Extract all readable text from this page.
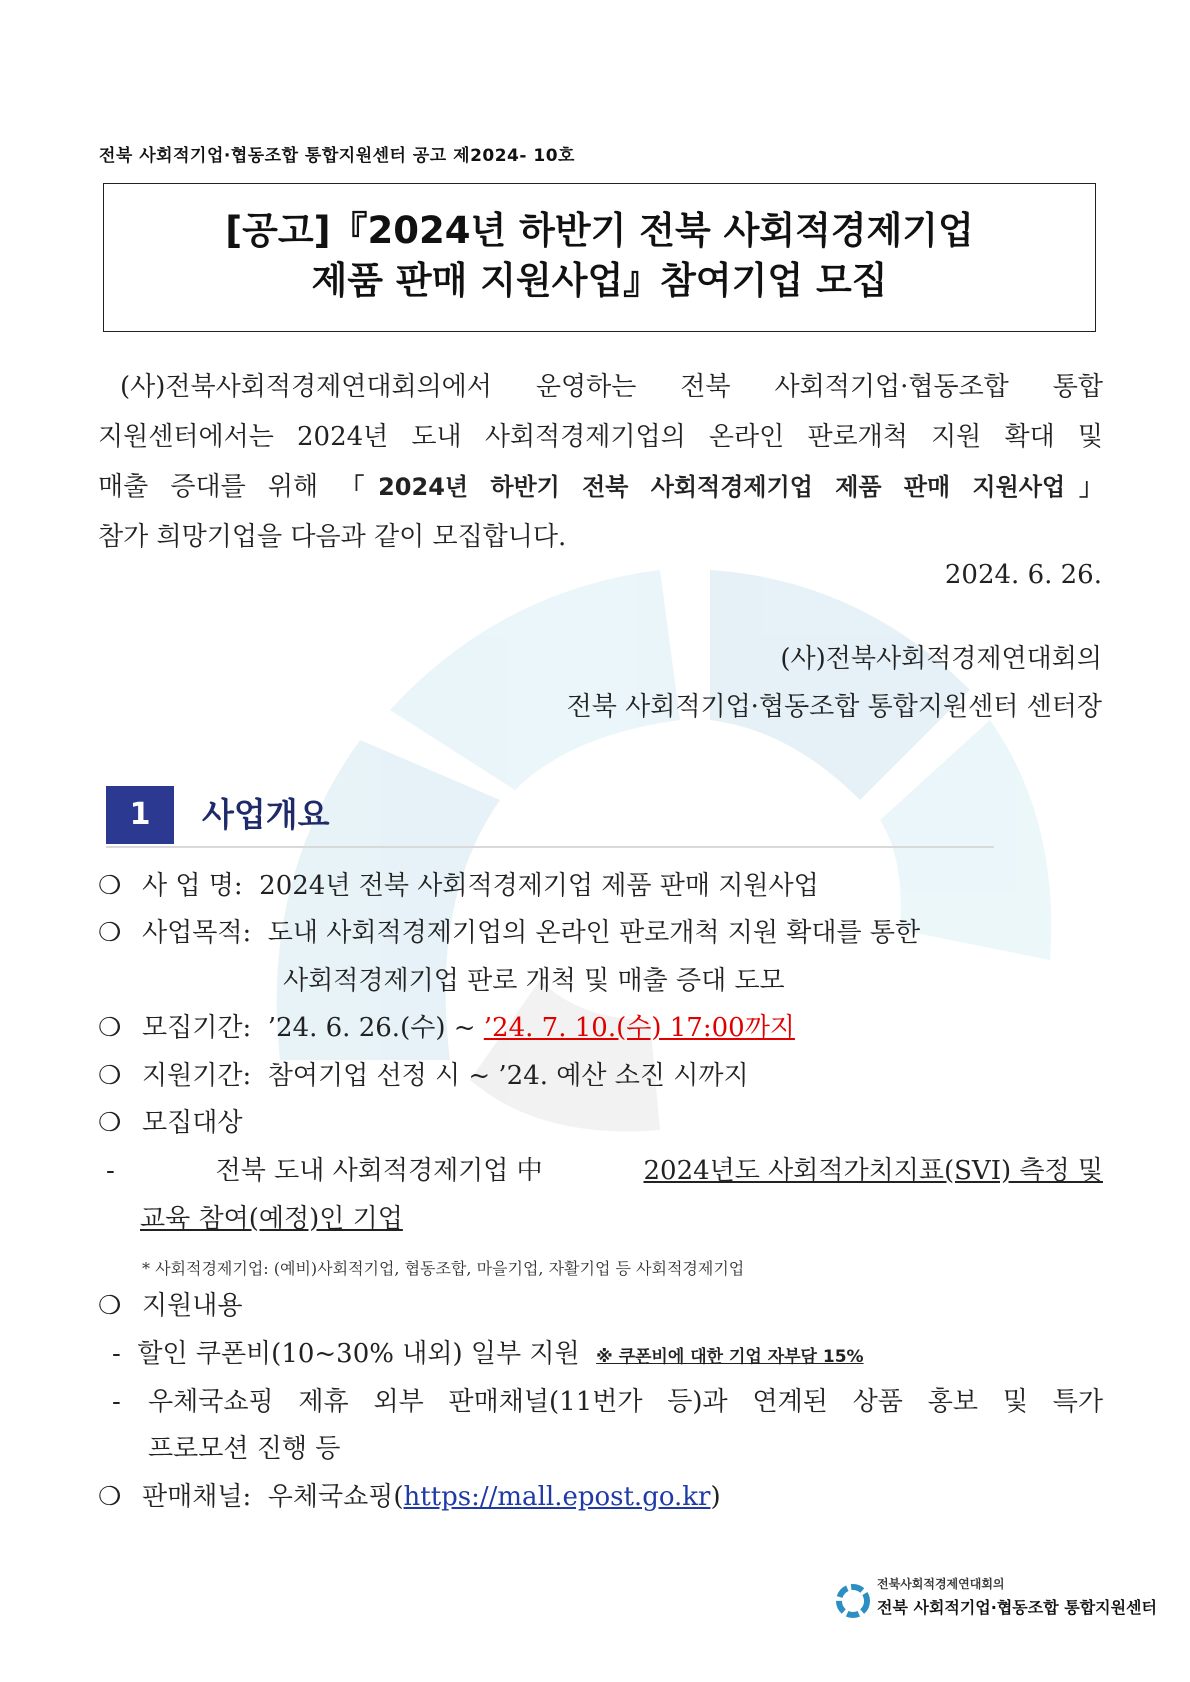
전북 사회적기업·협동조합 통합지원센터 공고 제2024- 10호
[공고]『2024년 하반기 전북 사회적경제기업
제품 판매 지원사업』참여기업 모집

(사)전북사회적경제연대회의에서 운영하는 전북 사회적기업·협동조합 통합

지원센터에서는 2024년 도내 사회적경제기업의 온라인 판로개척 지원 확대 및

매출 증대를 위해 「2024년 하반기 전북 사회적경제기업 제품 판매 지원사업」

참가 희망기업을 다음과 같이 모집합니다.

2024. 6. 26.
(사)전북사회적경제연대회의
전북 사회적기업·협동조합 통합지원센터 센터장
1	사업개요
❍ 사 업 명: 2024년 전북 사회적경제기업 제품 판매 지원사업
❍ 사업목적: 도내 사회적경제기업의 온라인 판로개척 지원 확대를 통한
사회적경제기업 판로 개척 및 매출 증대 도모
❍ 모집기간: ’24. 6. 26.(수) ~ ’24. 7. 10.(수) 17:00까지
❍ 지원기간: 참여기업 선정 시 ~ ’24. 예산 소진 시까지
❍ 모집대상
-	전북 도내 사회적경제기업 中	2024년도 사회적가치지표(SVI) 측정 및
교육 참여(예정)인 기업
* 사회적경제기업: (예비)사회적기업, 협동조합, 마을기업, 자활기업 등 사회적경제기업
❍ 지원내용
- 할인 쿠폰비(10~30% 내외) 일부 지원 ※ 쿠폰비에 대한 기업 자부담 15%
- 우체국쇼핑 제휴 외부 판매채널(11번가 등)과 연계된 상품 홍보 및 특가
프로모션 진행 등
❍ 판매채널: 우체국쇼핑(https://mall.epost.go.kr)
전북사회적경제연대회의
전북 사회적기업·협동조합 통합지원센터
